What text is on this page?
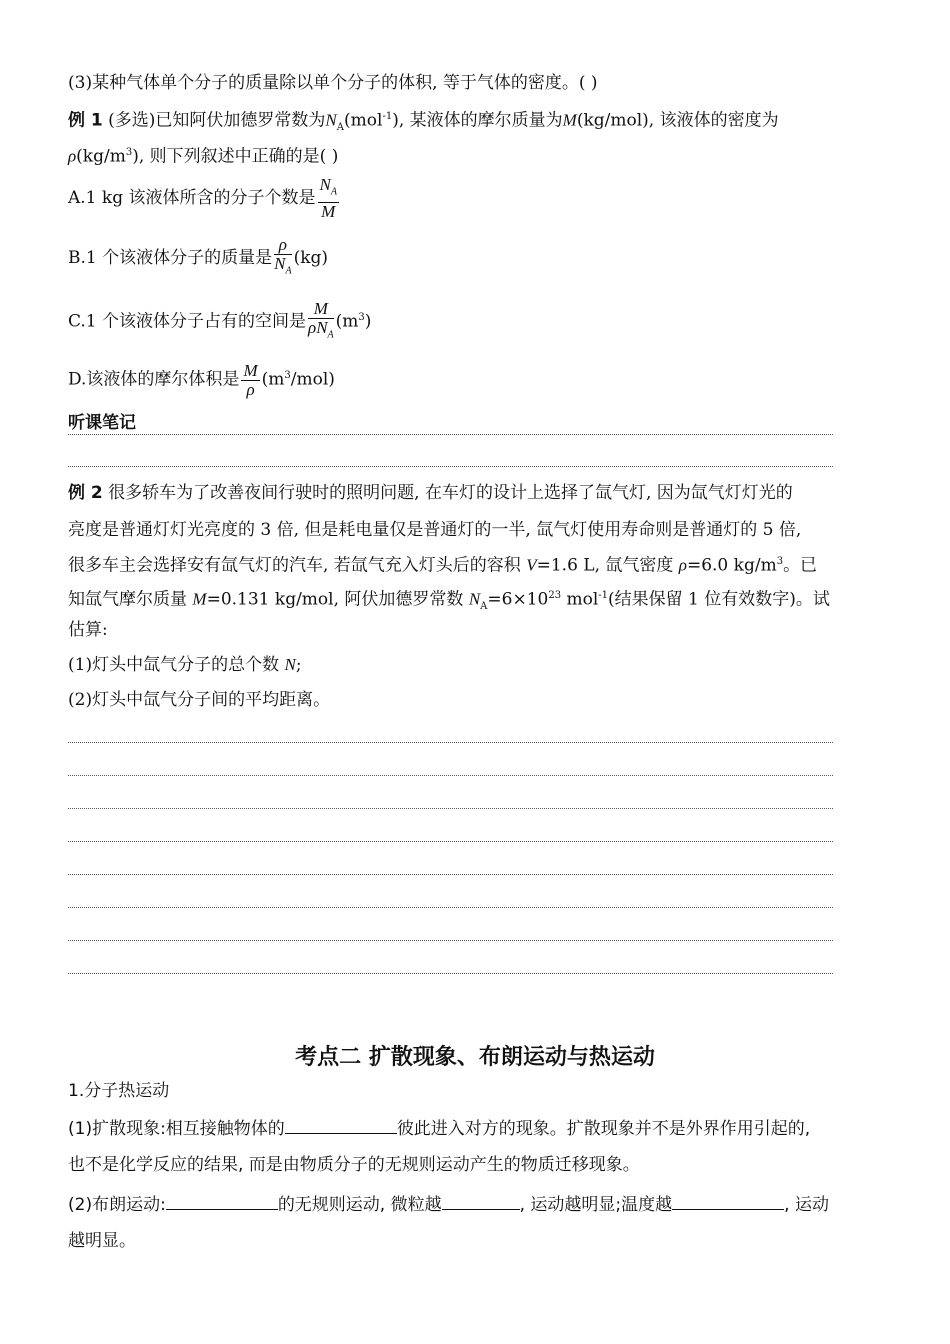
(3)某种气体单个分子的质量除以单个分子的体积, 等于气体的密度。( )
例 1 (多选)已知阿伏加德罗常数为$N_A(mol^{-1})$, 某液体的摩尔质量为M(kg/mol), 该液体的密度为
$\rho(kg/m^3)$, 则下列叙述中正确的是( )
A.1 kg 该液体所含的分子个数是 $\frac{N_A}{M}$
B.1 个该液体分子的质量是 $\frac{\rho}{N_A} (kg)$
C.1 个该液体分子占有的空间是 $\frac{M}{\rho N_A} (m^3)$
D.该液体的摩尔体积是 $\frac{M}{\rho} (m^3/mol)$
听课笔记
例 2 很多轿车为了改善夜间行驶时的照明问题, 在车灯的设计上选择了氙气灯, 因为氙气灯灯光的
亮度是普通灯灯光亮度的 3 倍, 但是耗电量仅是普通灯的一半, 氙气灯使用寿命则是普通灯的 5 倍,
很多车主会选择安有氙气灯的汽车, 若氙气充入灯头后的容积 V=1.6 L, 氙气密度 ρ=6.0 $kg/m^3$。已
知氙气摩尔质量 M=0.131 kg/mol, 阿伏加德罗常数 $N_A=6\times 10^{23}$ mol$^{-1}$(结果保留 1 位有效数字)。试
估算:
(1)灯头中氙气分子的总个数 N;
(2)灯头中氙气分子间的平均距离。
考点二 扩散现象、布朗运动与热运动
1.分子热运动
(1)扩散现象:相互接触物体的	彼此进入对方的现象。扩散现象并不是外界作用引起的,
也不是化学反应的结果, 而是由物质分子的无规则运动产生的物质迁移现象。
(2)布朗运动:	的无规则运动, 微粒越	, 运动越明显;温度越	, 运动
越明显。
